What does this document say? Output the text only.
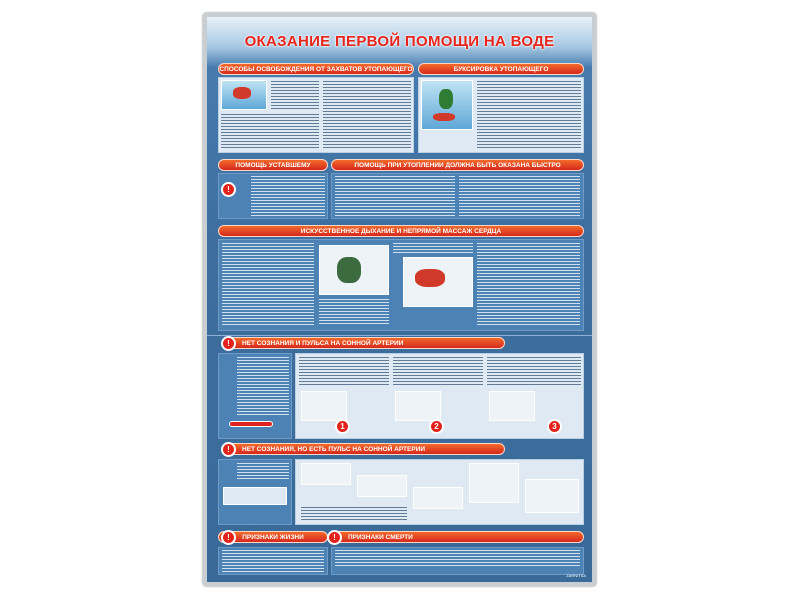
ОКАЗАНИЕ ПЕРВОЙ ПОМОЩИ НА ВОДЕ
СПОСОБЫ ОСВОБОЖДЕНИЯ ОТ ЗАХВАТОВ УТОПАЮЩЕГО	БУКСИРОВКА УТОПАЮЩЕГО
ПОМОЩЬ УСТАВШЕМУ	ПОМОЩЬ ПРИ УТОПЛЕНИИ ДОЛЖНА БЫТЬ ОКАЗАНА БЫСТРО
!
ИСКУССТВЕННОЕ ДЫХАНИЕ И НЕПРЯМОЙ МАССАЖ СЕРДЦА
НЕТ СОЗНАНИЯ И ПУЛЬСА НА СОННОЙ АРТЕРИИ
!
1	2	3
НЕТ СОЗНАНИЯ, НО ЕСТЬ ПУЛЬС НА СОННОЙ АРТЕРИИ
!
ПРИЗНАКИ ЖИЗНИ
!	ПРИЗНАКИ СМЕРТИ
!
ZARNITSA
